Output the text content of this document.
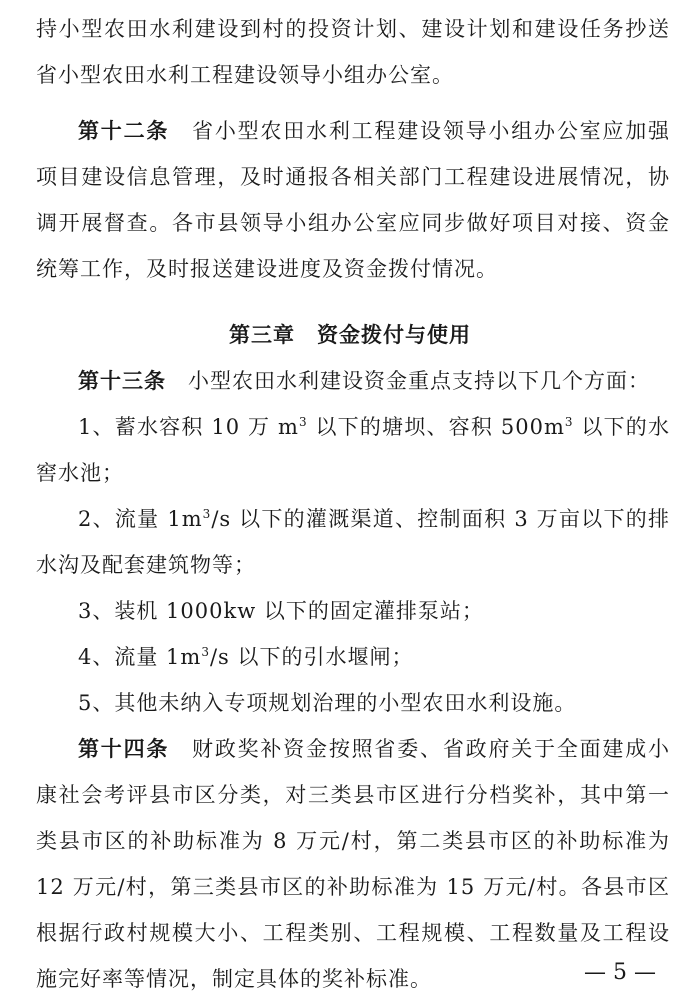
持小型农田水利建设到村的投资计划、建设计划和建设任务抄送省小型农田水利工程建设领导小组办公室。

第十二条　 省小型农田水利工程建设领导小组办公室应加强项目建设信息管理，及时通报各相关部门工程建设进展情况，协调开展督查。各市县领导小组办公室应同步做好项目对接、资金统筹工作，及时报送建设进度及资金拨付情况。

第三章　资金拨付与使用

第十三条　 小型农田水利建设资金重点支持以下几个方面：

1、蓄水容积 10 万 $m^3$ 以下的塘坝、容积 $500m^3$ 以下的水窖水池；

2、流量 $1m^3/s$ 以下的灌溉渠道、控制面积 3 万亩以下的排水沟及配套建筑物等；

3、装机 1000kw 以下的固定灌排泵站；

4、流量 $1m^3/s$ 以下的引水堰闸；

5、其他未纳入专项规划治理的小型农田水利设施。

第十四条　 财政奖补资金按照省委、省政府关于全面建成小康社会考评县市区分类，对三类县市区进行分档奖补，其中第一类县市区的补助标准为 8 万元/村，第二类县市区的补助标准为 12 万元/村，第三类县市区的补助标准为 15 万元/村。各县市区根据行政村规模大小、工程类别、工程规模、工程数量及工程设施完好率等情况，制定具体的奖补标准。	— 5 —
